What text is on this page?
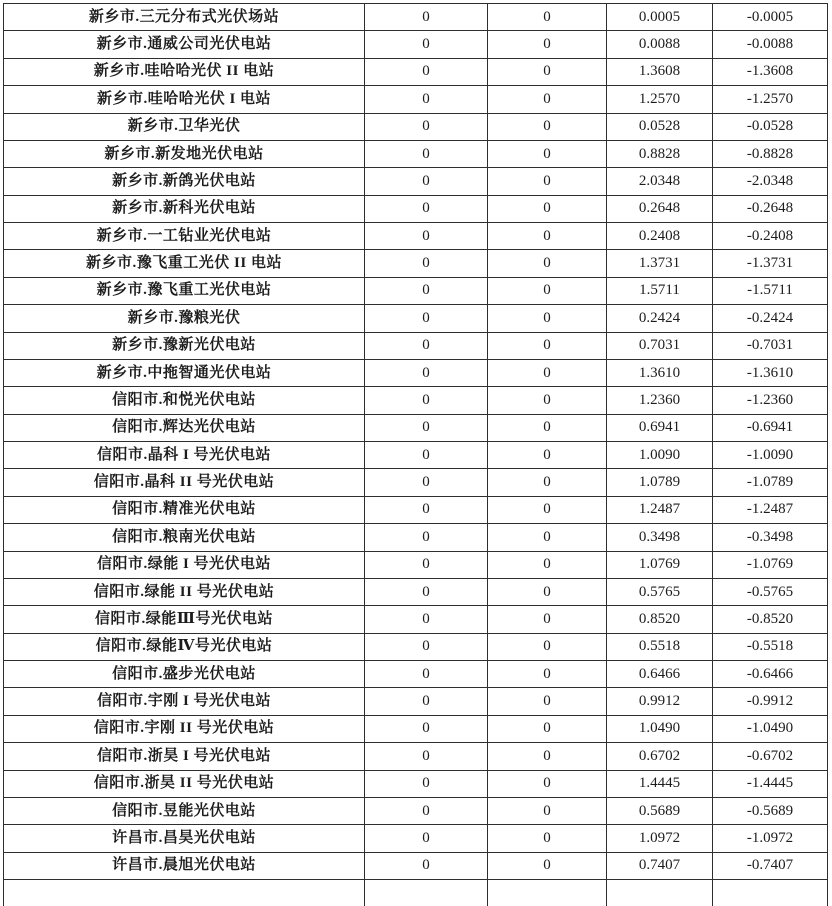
新乡市.三元分布式光伏场站	0	0	0.0005	-0.0005
新乡市.通威公司光伏电站	0	0	0.0088	-0.0088
新乡市.哇哈哈光伏 II 电站	0	0	1.3608	-1.3608
新乡市.哇哈哈光伏 I 电站	0	0	1.2570	-1.2570
新乡市.卫华光伏	0	0	0.0528	-0.0528
新乡市.新发地光伏电站	0	0	0.8828	-0.8828
新乡市.新鸽光伏电站	0	0	2.0348	-2.0348
新乡市.新科光伏电站	0	0	0.2648	-0.2648
新乡市.一工钻业光伏电站	0	0	0.2408	-0.2408
新乡市.豫飞重工光伏 II 电站	0	0	1.3731	-1.3731
新乡市.豫飞重工光伏电站	0	0	1.5711	-1.5711
新乡市.豫粮光伏	0	0	0.2424	-0.2424
新乡市.豫新光伏电站	0	0	0.7031	-0.7031
新乡市.中拖智通光伏电站	0	0	1.3610	-1.3610
信阳市.和悦光伏电站	0	0	1.2360	-1.2360
信阳市.辉达光伏电站	0	0	0.6941	-0.6941
信阳市.晶科 I 号光伏电站	0	0	1.0090	-1.0090
信阳市.晶科 II 号光伏电站	0	0	1.0789	-1.0789
信阳市.精准光伏电站	0	0	1.2487	-1.2487
信阳市.粮南光伏电站	0	0	0.3498	-0.3498
信阳市.绿能 I 号光伏电站	0	0	1.0769	-1.0769
信阳市.绿能 II 号光伏电站	0	0	0.5765	-0.5765
信阳市.绿能Ⅲ号光伏电站	0	0	0.8520	-0.8520
信阳市.绿能Ⅳ号光伏电站	0	0	0.5518	-0.5518
信阳市.盛步光伏电站	0	0	0.6466	-0.6466
信阳市.宇刚 I 号光伏电站	0	0	0.9912	-0.9912
信阳市.宇刚 II 号光伏电站	0	0	1.0490	-1.0490
信阳市.浙昊 I 号光伏电站	0	0	0.6702	-0.6702
信阳市.浙昊 II 号光伏电站	0	0	1.4445	-1.4445
信阳市.昱能光伏电站	0	0	0.5689	-0.5689
许昌市.昌昊光伏电站	0	0	1.0972	-1.0972
许昌市.晨旭光伏电站	0	0	0.7407	-0.7407
